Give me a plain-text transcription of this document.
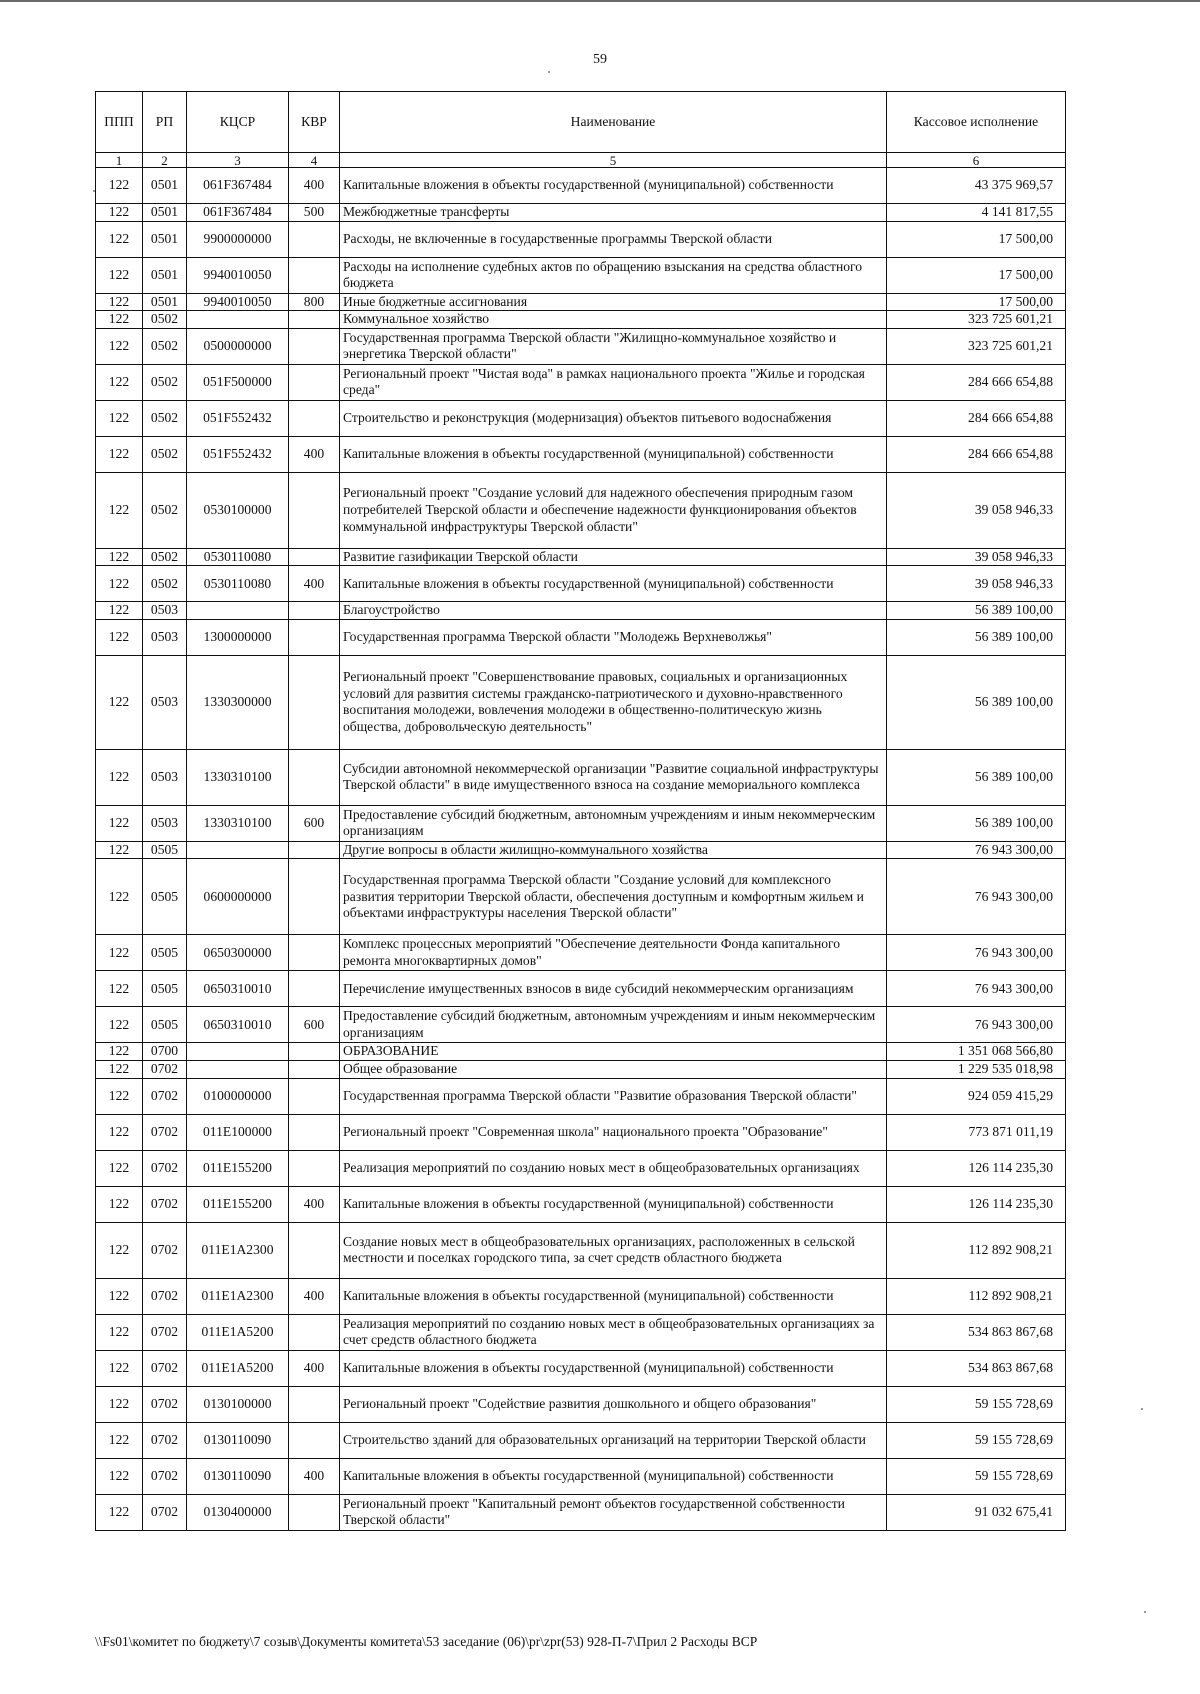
59
ППП	РП	КЦСР	КВР	Наименование	Кассовое исполнение
1	2	3	4	5	6
122	0501	061F367484	400	Капитальные вложения в объекты государственной (муниципальной) собственности	43 375 969,57
122	0501	061F367484	500	Межбюджетные трансферты	4 141 817,55
122	0501	9900000000		Расходы, не включенные в государственные программы Тверской области	17 500,00
122	0501	9940010050		Расходы на исполнение судебных актов по обращению взыскания на средства областного бюджета	17 500,00
122	0501	9940010050	800	Иные бюджетные ассигнования	17 500,00
122	0502			Коммунальное хозяйство	323 725 601,21
122	0502	0500000000		Государственная программа Тверской области "Жилищно-коммунальное хозяйство и энергетика Тверской области"	323 725 601,21
122	0502	051F500000		Региональный проект "Чистая вода" в рамках национального проекта "Жилье и городская среда"	284 666 654,88
122	0502	051F552432		Строительство и реконструкция (модернизация) объектов питьевого водоснабжения	284 666 654,88
122	0502	051F552432	400	Капитальные вложения в объекты государственной (муниципальной) собственности	284 666 654,88
122	0502	0530100000		Региональный проект "Создание условий для надежного обеспечения природным газом потребителей Тверской области и обеспечение надежности функционирования объектов коммунальной инфраструктуры Тверской области"	39 058 946,33
122	0502	0530110080		Развитие газификации Тверской области	39 058 946,33
122	0502	0530110080	400	Капитальные вложения в объекты государственной (муниципальной) собственности	39 058 946,33
122	0503			Благоустройство	56 389 100,00
122	0503	1300000000		Государственная программа Тверской области "Молодежь Верхневолжья"	56 389 100,00
122	0503	1330300000		Региональный проект "Совершенствование правовых, социальных и организационных условий для развития системы гражданско-патриотического и духовно-нравственного воспитания молодежи, вовлечения молодежи в общественно-политическую жизнь общества, добровольческую деятельность"	56 389 100,00
122	0503	1330310100		Субсидии автономной некоммерческой организации "Развитие социальной инфраструктуры Тверской области" в виде имущественного взноса на создание мемориального комплекса	56 389 100,00
122	0503	1330310100	600	Предоставление субсидий бюджетным, автономным учреждениям и иным некоммерческим организациям	56 389 100,00
122	0505			Другие вопросы в области жилищно-коммунального хозяйства	76 943 300,00
122	0505	0600000000		Государственная программа Тверской области "Создание условий для комплексного развития территории Тверской области, обеспечения доступным и комфортным жильем и объектами инфраструктуры населения Тверской области"	76 943 300,00
122	0505	0650300000		Комплекс процессных мероприятий "Обеспечение деятельности Фонда капитального ремонта многоквартирных домов"	76 943 300,00
122	0505	0650310010		Перечисление имущественных взносов в виде субсидий некоммерческим организациям	76 943 300,00
122	0505	0650310010	600	Предоставление субсидий бюджетным, автономным учреждениям и иным некоммерческим организациям	76 943 300,00
122	0700			ОБРАЗОВАНИЕ	1 351 068 566,80
122	0702			Общее образование	1 229 535 018,98
122	0702	0100000000		Государственная программа Тверской области "Развитие образования Тверской области"	924 059 415,29
122	0702	011E100000		Региональный проект "Современная школа" национального проекта "Образование"	773 871 011,19
122	0702	011E155200		Реализация мероприятий по созданию новых мест в общеобразовательных организациях	126 114 235,30
122	0702	011E155200	400	Капитальные вложения в объекты государственной (муниципальной) собственности	126 114 235,30
122	0702	011E1A2300		Создание новых мест в общеобразовательных организациях, расположенных в сельской местности и поселках городского типа, за счет средств областного бюджета	112 892 908,21
122	0702	011E1A2300	400	Капитальные вложения в объекты государственной (муниципальной) собственности	112 892 908,21
122	0702	011E1A5200		Реализация мероприятий по созданию новых мест в общеобразовательных организациях за счет средств областного бюджета	534 863 867,68
122	0702	011E1A5200	400	Капитальные вложения в объекты государственной (муниципальной) собственности	534 863 867,68
122	0702	0130100000		Региональный проект "Содействие развития дошкольного и общего образования"	59 155 728,69
122	0702	0130110090		Строительство зданий для образовательных организаций на территории Тверской области	59 155 728,69
122	0702	0130110090	400	Капитальные вложения в объекты государственной (муниципальной) собственности	59 155 728,69
122	0702	0130400000		Региональный проект "Капитальный ремонт объектов государственной собственности Тверской области"	91 032 675,41
\\Fs01\комитет по бюджету\7 созыв\Документы комитета\53 заседание (06)\pr\zpr(53) 928-П-7\Прил 2 Расходы ВСР
